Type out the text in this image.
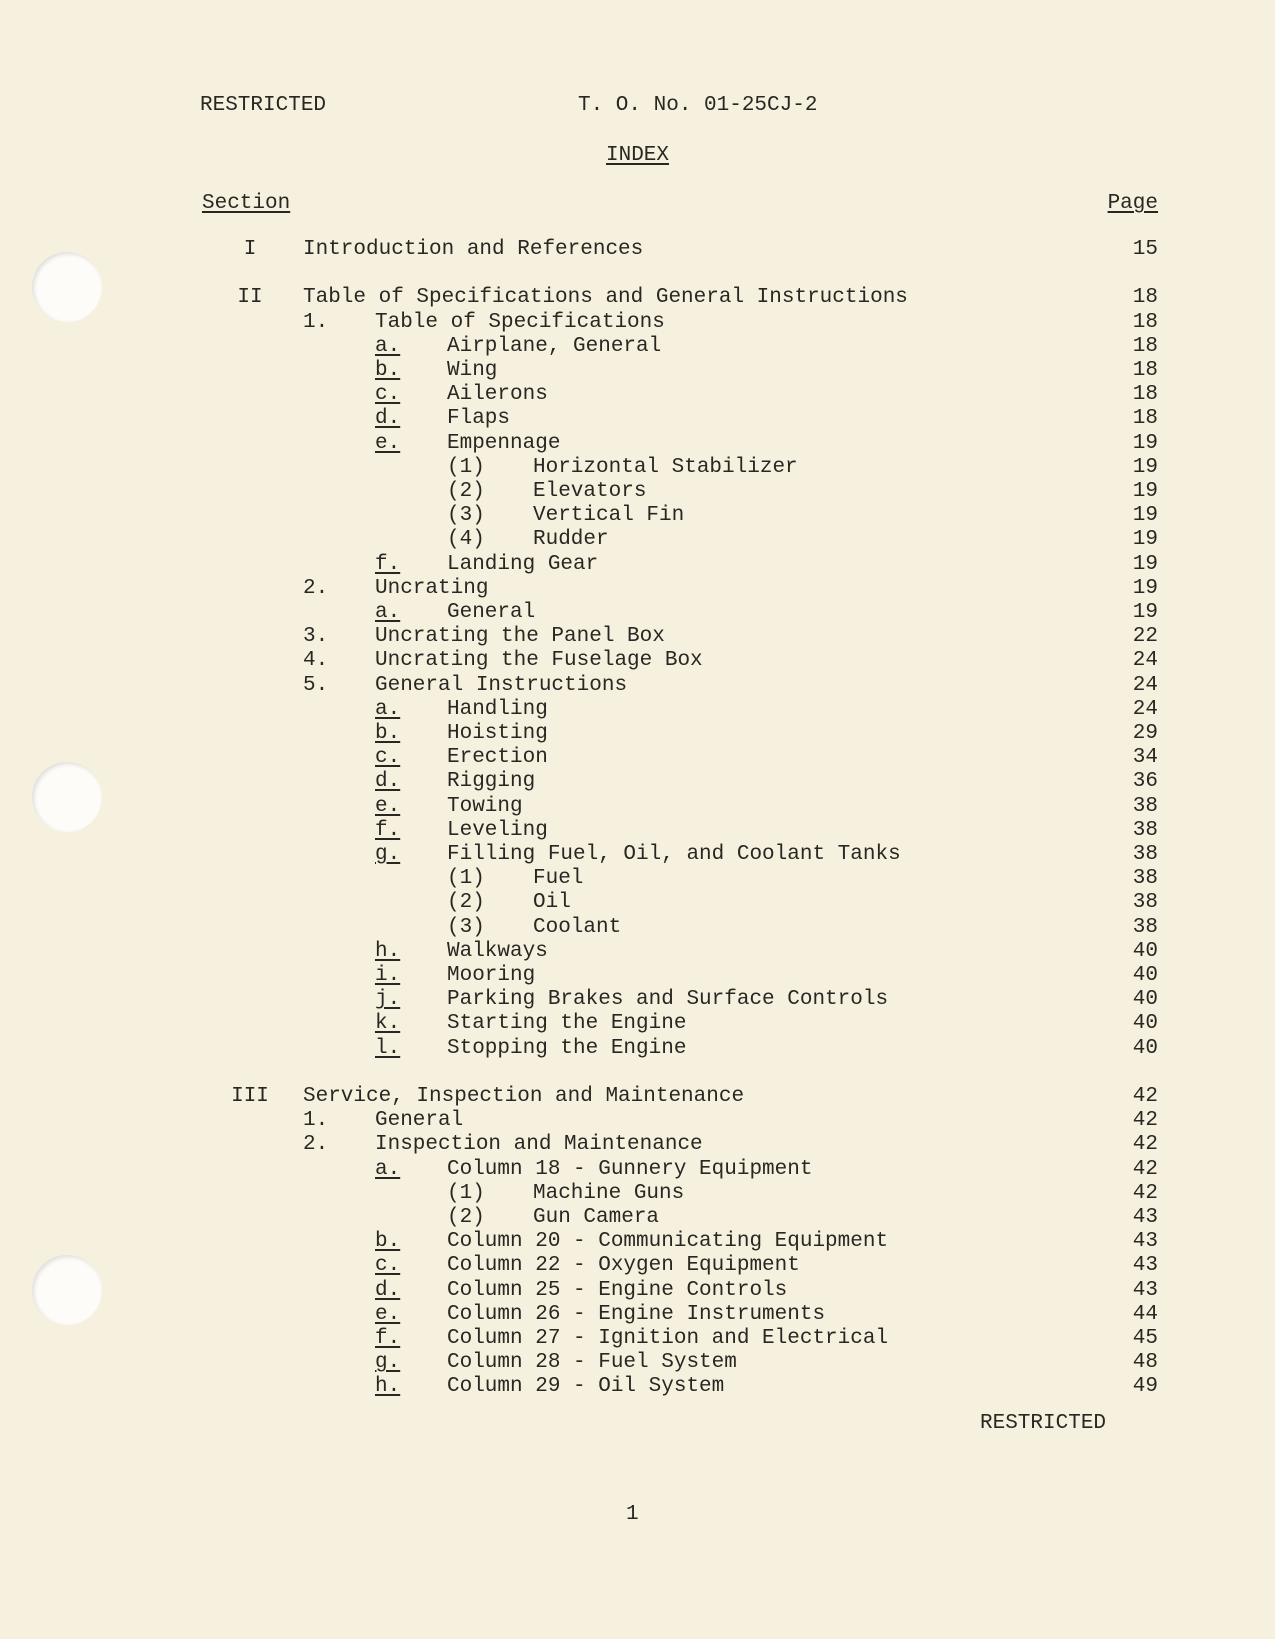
RESTRICTED	T. O. No. 01-25CJ-2
INDEX
Section	Page
I	Introduction and References	15
II	Table of Specifications and General Instructions	18
1. Table of Specifications	18
a. Airplane, General	18
b. Wing	18
c. Ailerons	18
d. Flaps	18
e. Empennage	19
(1) Horizontal Stabilizer	19
(2) Elevators	19
(3) Vertical Fin	19
(4) Rudder	19
f. Landing Gear	19
2. Uncrating	19
a. General	19
3. Uncrating the Panel Box	22
4. Uncrating the Fuselage Box	24
5. General Instructions	24
a. Handling	24
b. Hoisting	29
c. Erection	34
d. Rigging	36
e. Towing	38
f. Leveling	38
g. Filling Fuel, Oil, and Coolant Tanks	38
(1) Fuel	38
(2) Oil	38
(3) Coolant	38
h. Walkways	40
i. Mooring	40
j. Parking Brakes and Surface Controls	40
k. Starting the Engine	40
l. Stopping the Engine	40
III	Service, Inspection and Maintenance	42
1. General	42
2. Inspection and Maintenance	42
a. Column 18 - Gunnery Equipment	42
(1) Machine Guns	42
(2) Gun Camera	43
b. Column 20 - Communicating Equipment	43
c. Column 22 - Oxygen Equipment	43
d. Column 25 - Engine Controls	43
e. Column 26 - Engine Instruments	44
f. Column 27 - Ignition and Electrical	45
g. Column 28 - Fuel System	48
h. Column 29 - Oil System	49
RESTRICTED
1
